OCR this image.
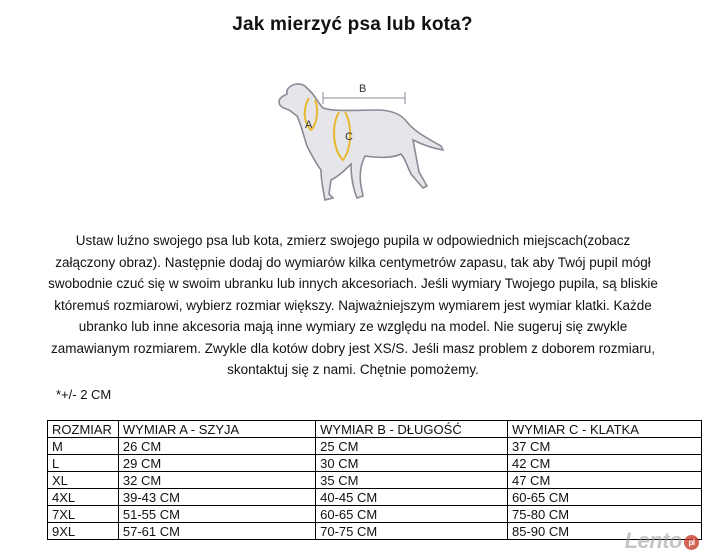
Jak mierzyć psa lub kota?
A
B
C
Ustaw luźno swojego psa lub kota, zmierz swojego pupila w odpowiednich miejscach(zobacz załączony obraz). Następnie dodaj do wymiarów kilka centymetrów zapasu, tak aby Twój pupil mógł swobodnie czuć się w swoim ubranku lub innych akcesoriach. Jeśli wymiary Twojego pupila, są bliskie któremuś rozmiarowi, wybierz rozmiar większy. Najważniejszym wymiarem jest wymiar klatki. Każde ubranko lub inne akcesoria mają inne wymiary ze względu na model. Nie sugeruj się zwykle zamawianym rozmiarem. Zwykle dla kotów dobry jest XS/S. Jeśli masz problem z doborem rozmiaru, skontaktuj się z nami. Chętnie pomożemy.
*+/- 2 CM
ROZMIAR	WYMIAR A - SZYJA	WYMIAR B - DŁUGOŚĆ	WYMIAR C - KLATKA
M	26 CM	25 CM	37 CM
L	29 CM	30 CM	42 CM
XL	32 CM	35 CM	47 CM
4XL	39-43 CM	40-45 CM	60-65 CM
7XL	51-55 CM	60-65 CM	75-80 CM
9XL	57-61 CM	70-75 CM	85-90 CM	Lento pl
